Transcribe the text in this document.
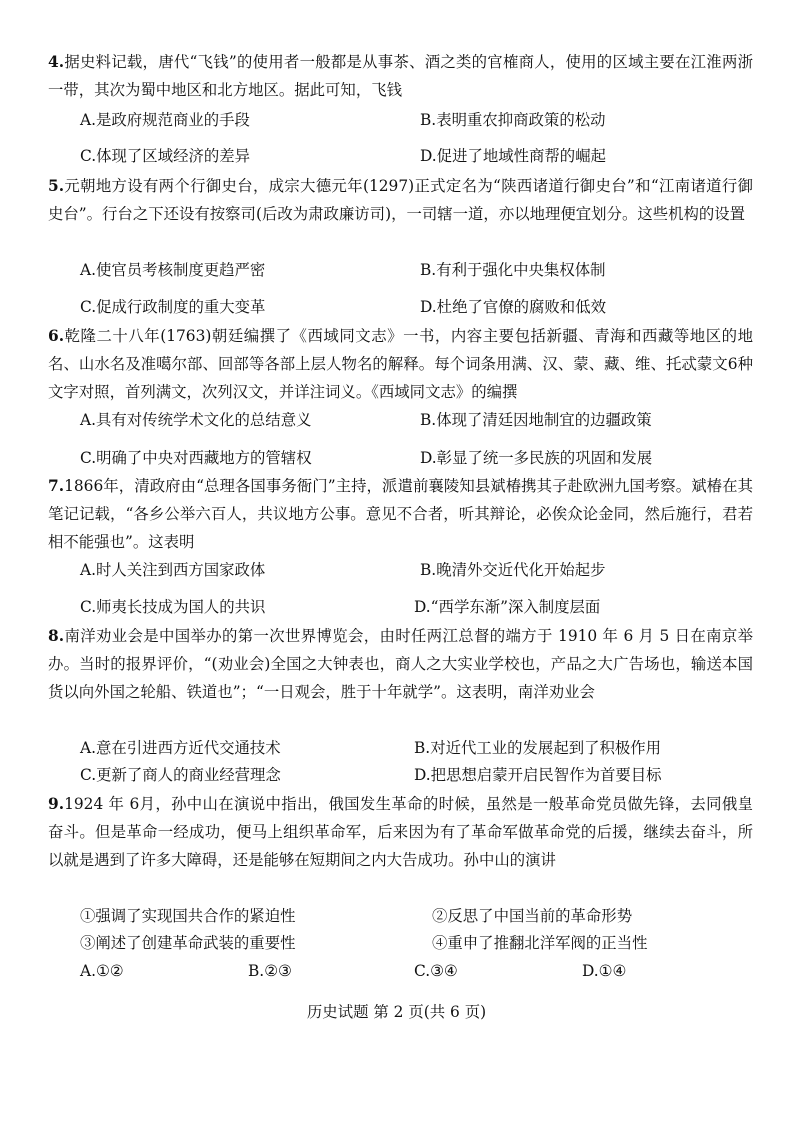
4.据史料记载，唐代“飞钱”的使用者一般都是从事茶、酒之类的官榷商人，使用的区域主要在江淮两浙一带，其次为蜀中地区和北方地区。据此可知，飞钱
A.是政府规范商业的手段	B.表明重农抑商政策的松动
C.体现了区域经济的差异	D.促进了地域性商帮的崛起
5.元朝地方设有两个行御史台，成宗大德元年(1297)正式定名为“陕西诸道行御史台”和“江南诸道行御史台”。行台之下还设有按察司(后改为肃政廉访司)，一司辖一道，亦以地理便宜划分。这些机构的设置
A.使官员考核制度更趋严密	B.有利于强化中央集权体制
C.促成行政制度的重大变革	D.杜绝了官僚的腐败和低效
6.乾隆二十八年(1763)朝廷编撰了《西域同文志》一书，内容主要包括新疆、青海和西藏等地区的地名、山水名及准噶尔部、回部等各部上层人物名的解释。每个词条用满、汉、蒙、藏、维、托忒蒙文6种文字对照，首列满文，次列汉文，并详注词义。《西域同文志》的编撰
A.具有对传统学术文化的总结意义	B.体现了清廷因地制宜的边疆政策
C.明确了中央对西藏地方的管辖权	D.彰显了统一多民族的巩固和发展
7.1866年，清政府由“总理各国事务衙门”主持，派遣前襄陵知县斌椿携其子赴欧洲九国考察。斌椿在其笔记记载，“各乡公举六百人，共议地方公事。意见不合者，听其辩论，必俟众论金同，然后施行，君若相不能强也”。这表明
A.时人关注到西方国家政体	B.晚清外交近代化开始起步
C.师夷长技成为国人的共识	D.“西学东渐”深入制度层面
8.南洋劝业会是中国举办的第一次世界博览会，由时任两江总督的端方于 1910 年 6 月 5 日在南京举办。当时的报界评价，“(劝业会)全国之大钟表也，商人之大实业学校也，产品之大广告场也，输送本国货以向外国之轮船、铁道也”；“一日观会，胜于十年就学”。这表明，南洋劝业会
A.意在引进西方近代交通技术	B.对近代工业的发展起到了积极作用
C.更新了商人的商业经营理念	D.把思想启蒙开启民智作为首要目标
9.1924 年 6月，孙中山在演说中指出，俄国发生革命的时候，虽然是一般革命党员做先锋，去同俄皇奋斗。但是革命一经成功，便马上组织革命军，后来因为有了革命军做革命党的后援，继续去奋斗，所以就是遇到了许多大障碍，还是能够在短期间之内大告成功。孙中山的演讲
①强调了实现国共合作的紧迫性	②反思了中国当前的革命形势
③阐述了创建革命武装的重要性	④重申了推翻北洋军阀的正当性
A.①②	B.②③	C.③④	D.①④
历史试题 第 2 页(共 6 页)
